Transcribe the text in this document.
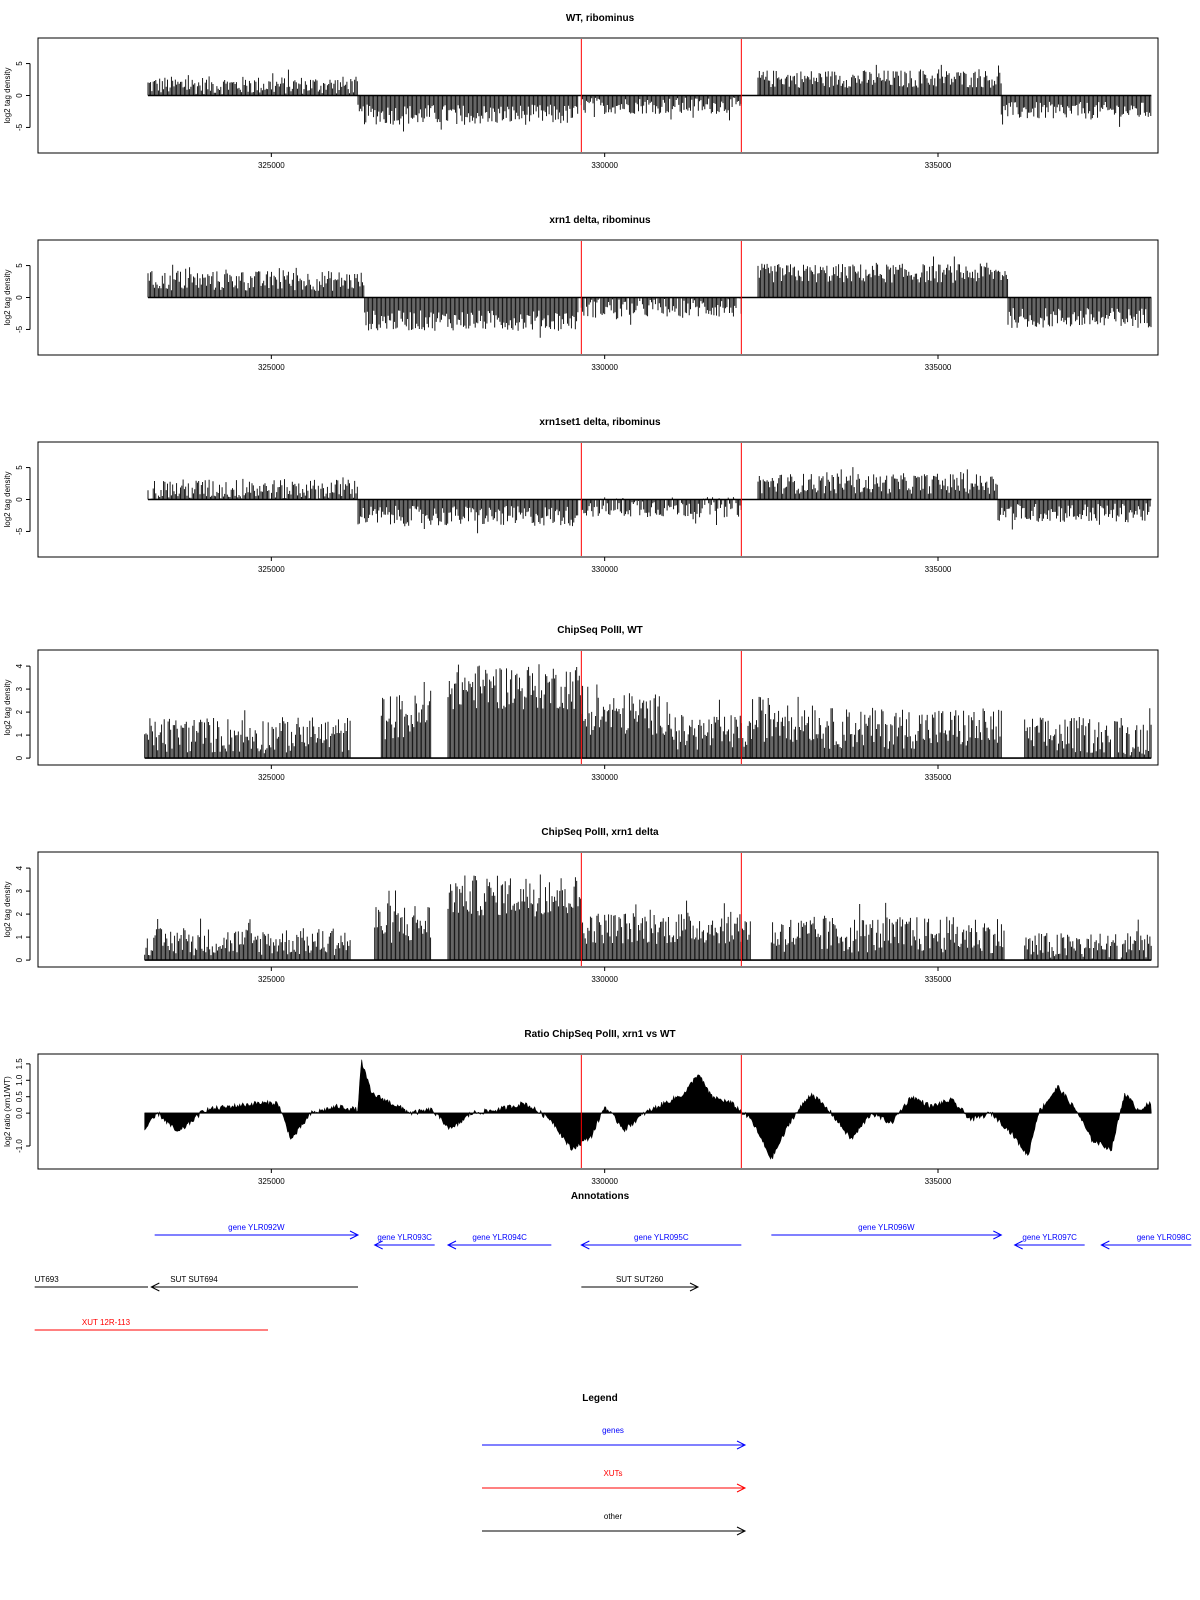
WT, ribominus
log2 tag density
-5
0
5
325000	330000	335000
xrn1 delta, ribominus
log2 tag density
-5
0
5
325000	330000	335000
xrn1set1 delta, ribominus
log2 tag density
-5
0
5
325000	330000	335000
ChipSeq PolII, WT
log2 tag density
0
1
2
3
4
325000	330000	335000
ChipSeq PolII, xrn1 delta
log2 tag density
0
1
2
3
4
325000	330000	335000
Ratio ChipSeq PolII, xrn1 vs WT
log2 ratio (xrn1/WT) -1.0
0.0
0.5
1.0
1.5
325000	330000	335000
Annotations
gene YLR092W
gene YLR093C	gene YLR094C	gene YLR095C
gene YLR096W
gene YLR097C	gene YLR098C
SUT SUT694
UT693	SUT SUT260
XUT 12R-113
Legend
genes
XUTs
other
